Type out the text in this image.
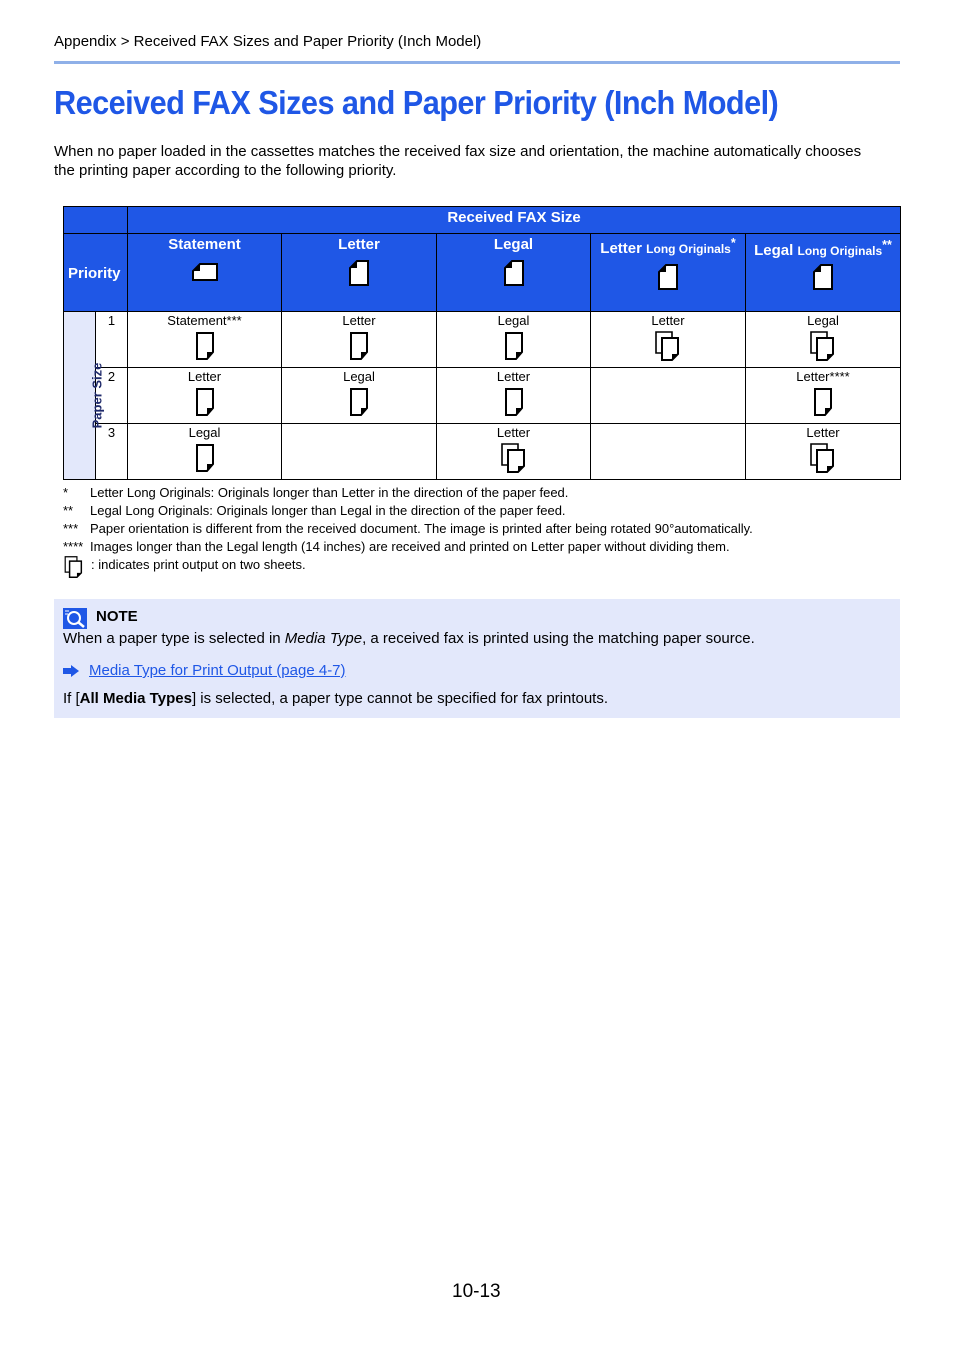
Appendix > Received FAX Sizes and Paper Priority (Inch Model)
Received FAX Sizes and Paper Priority (Inch Model)
When no paper loaded in the cassettes matches the received fax size and orientation, the machine automatically chooses the printing paper according to the following priority.
		Received FAX Size				
Priority		Statement	Letter	Legal	Letter Long Originals*	Legal Long Originals**

Paper Size	1	Statement***	Letter	Legal	Letter	Legal

	2	Letter	Legal	Letter		Letter****

	3	Legal		Letter		Letter
*	Letter Long Originals: Originals longer than Letter in the direction of the paper feed.
**	Legal Long Originals: Originals longer than Legal in the direction of the paper feed.
*** Paper orientation is different from the received document. The image is printed after being rotated 90°automatically.
**** Images longer than the Legal length (14 inches) are received and printed on Letter paper without dividing them.
: indicates print output on two sheets.
NOTE
When a paper type is selected in Media Type, a received fax is printed using the matching paper source.
Media Type for Print Output (page 4-7)
If [All Media Types] is selected, a paper type cannot be specified for fax printouts.
10-13
